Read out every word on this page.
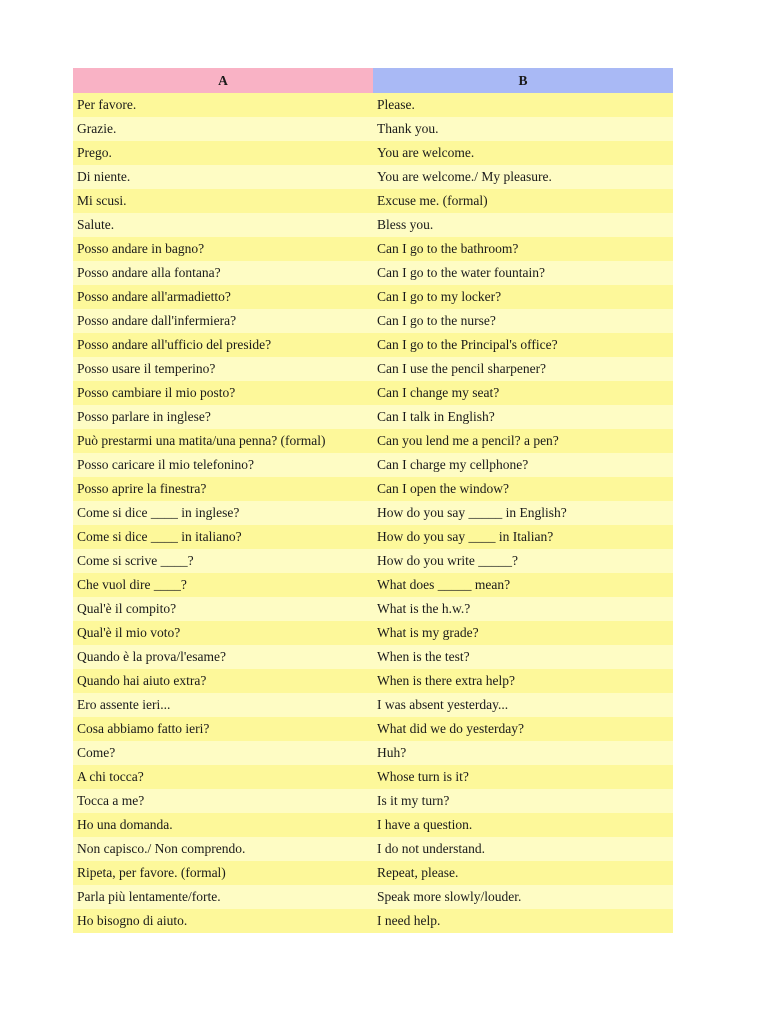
A	B
Per favore.	Please.
Grazie.	Thank you.
Prego.	You are welcome.
Di niente.	You are welcome./ My pleasure.
Mi scusi.	Excuse me. (formal)
Salute.	Bless you.
Posso andare in bagno?	Can I go to the bathroom?
Posso andare alla fontana?	Can I go to the water fountain?
Posso andare all'armadietto?	Can I go to my locker?
Posso andare dall'infermiera?	Can I go to the nurse?
Posso andare all'ufficio del preside?	Can I go to the Principal's office?
Posso usare il temperino?	Can I use the pencil sharpener?
Posso cambiare il mio posto?	Can I change my seat?
Posso parlare in inglese?	Can I talk in English?
Può prestarmi una matita/una penna? (formal)	Can you lend me a pencil? a pen?
Posso caricare il mio telefonino?	Can I charge my cellphone?
Posso aprire la finestra?	Can I open the window?
Come si dice ____ in inglese?	How do you say _____ in English?
Come si dice ____ in italiano?	How do you say ____ in Italian?
Come si scrive ____?	How do you write _____?
Che vuol dire ____?	What does _____ mean?
Qual'è il compito?	What is the h.w.?
Qual'è il mio voto?	What is my grade?
Quando è la prova/l'esame?	When is the test?
Quando hai aiuto extra?	When is there extra help?
Ero assente ieri...	I was absent yesterday...
Cosa abbiamo fatto ieri?	What did we do yesterday?
Come?	Huh?
A chi tocca?	Whose turn is it?
Tocca a me?	Is it my turn?
Ho una domanda.	I have a question.
Non capisco./ Non comprendo.	I do not understand.
Ripeta, per favore. (formal)	Repeat, please.
Parla più lentamente/forte.	Speak more slowly/louder.
Ho bisogno di aiuto.	I need help.
